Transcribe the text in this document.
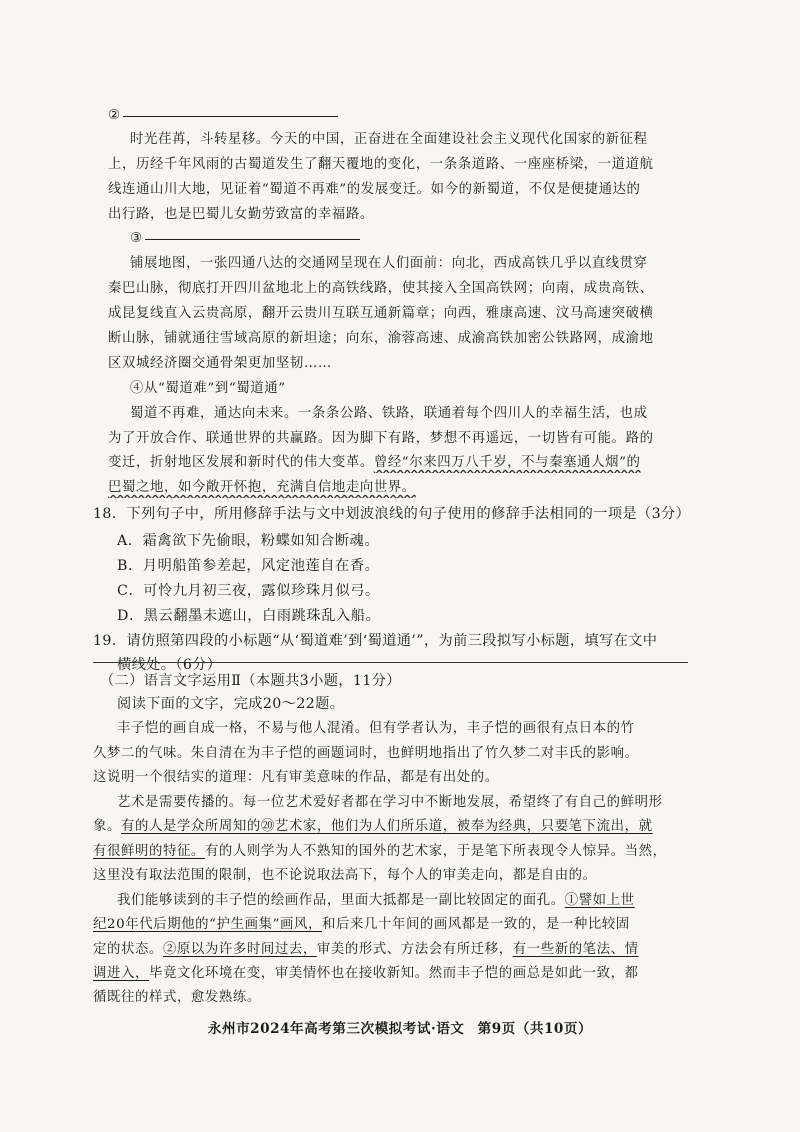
②
时光荏苒，斗转星移。今天的中国，正奋进在全面建设社会主义现代化国家的新征程
上，历经千年风雨的古蜀道发生了翻天覆地的变化，一条条道路、一座座桥梁，一道道航
线连通山川大地，见证着“蜀道不再难”的发展变迁。如今的新蜀道，不仅是便捷通达的
出行路，也是巴蜀儿女勤劳致富的幸福路。
③
铺展地图，一张四通八达的交通网呈现在人们面前：向北，西成高铁几乎以直线贯穿
秦巴山脉，彻底打开四川盆地北上的高铁线路，使其接入全国高铁网；向南，成贵高铁、
成昆复线直入云贵高原，翻开云贵川互联互通新篇章；向西，雅康高速、汶马高速突破横
断山脉，铺就通往雪域高原的新坦途；向东，渝蓉高速、成渝高铁加密公铁路网，成渝地
区双城经济圈交通骨架更加坚韧……
④从“蜀道难”到“蜀道通”
蜀道不再难，通达向未来。一条条公路、铁路，联通着每个四川人的幸福生活，也成
为了开放合作、联通世界的共赢路。因为脚下有路，梦想不再遥远，一切皆有可能。路的
变迁，折射地区发展和新时代的伟大变革。曾经“尔来四万八千岁，不与秦塞通人烟”的
巴蜀之地，如今敞开怀抱，充满自信地走向世界。
18．下列句子中，所用修辞手法与文中划波浪线的句子使用的修辞手法相同的一项是（3分）
A．霜禽欲下先偷眼，粉蝶如知合断魂。
B．月明船笛参差起，风定池莲自在香。
C．可怜九月初三夜，露似珍珠月似弓。
D．黑云翻墨未遮山，白雨跳珠乱入船。
19．请仿照第四段的小标题“从‘蜀道难’到‘蜀道通’”，为前三段拟写小标题，填写在文中
横线处。（6分）
（二）语言文字运用Ⅱ（本题共3小题，11分）
阅读下面的文字，完成20～22题。
丰子恺的画自成一格，不易与他人混淆。但有学者认为，丰子恺的画很有点日本的竹
久梦二的气味。朱自清在为丰子恺的画题词时，也鲜明地指出了竹久梦二对丰氏的影响。
这说明一个很结实的道理：凡有审美意味的作品，都是有出处的。
艺术是需要传播的。每一位艺术爱好者都在学习中不断地发展，希望终了有自己的鲜明形
象。有的人是学众所周知的⑳艺术家，他们为人们所乐道，被奉为经典，只要笔下流出，就
有很鲜明的特征。有的人则学为人不熟知的国外的艺术家，于是笔下所表现令人惊异。当然，
这里没有取法范围的限制，也不论说取法高下，每个人的审美走向，都是自由的。
我们能够读到的丰子恺的绘画作品，里面大抵都是一副比较固定的面孔。①譬如上世
纪20年代后期他的“护生画集”画风，和后来几十年间的画风都是一致的，是一种比较固
定的状态。②原以为许多时间过去，审美的形式、方法会有所迁移，有一些新的笔法、情
调进入，毕竟文化环境在变，审美情怀也在接收新知。然而丰子恺的画总是如此一致，都
循既往的样式，愈发熟练。
永州市2024年高考第三次模拟考试·语文 第9页（共10页）
